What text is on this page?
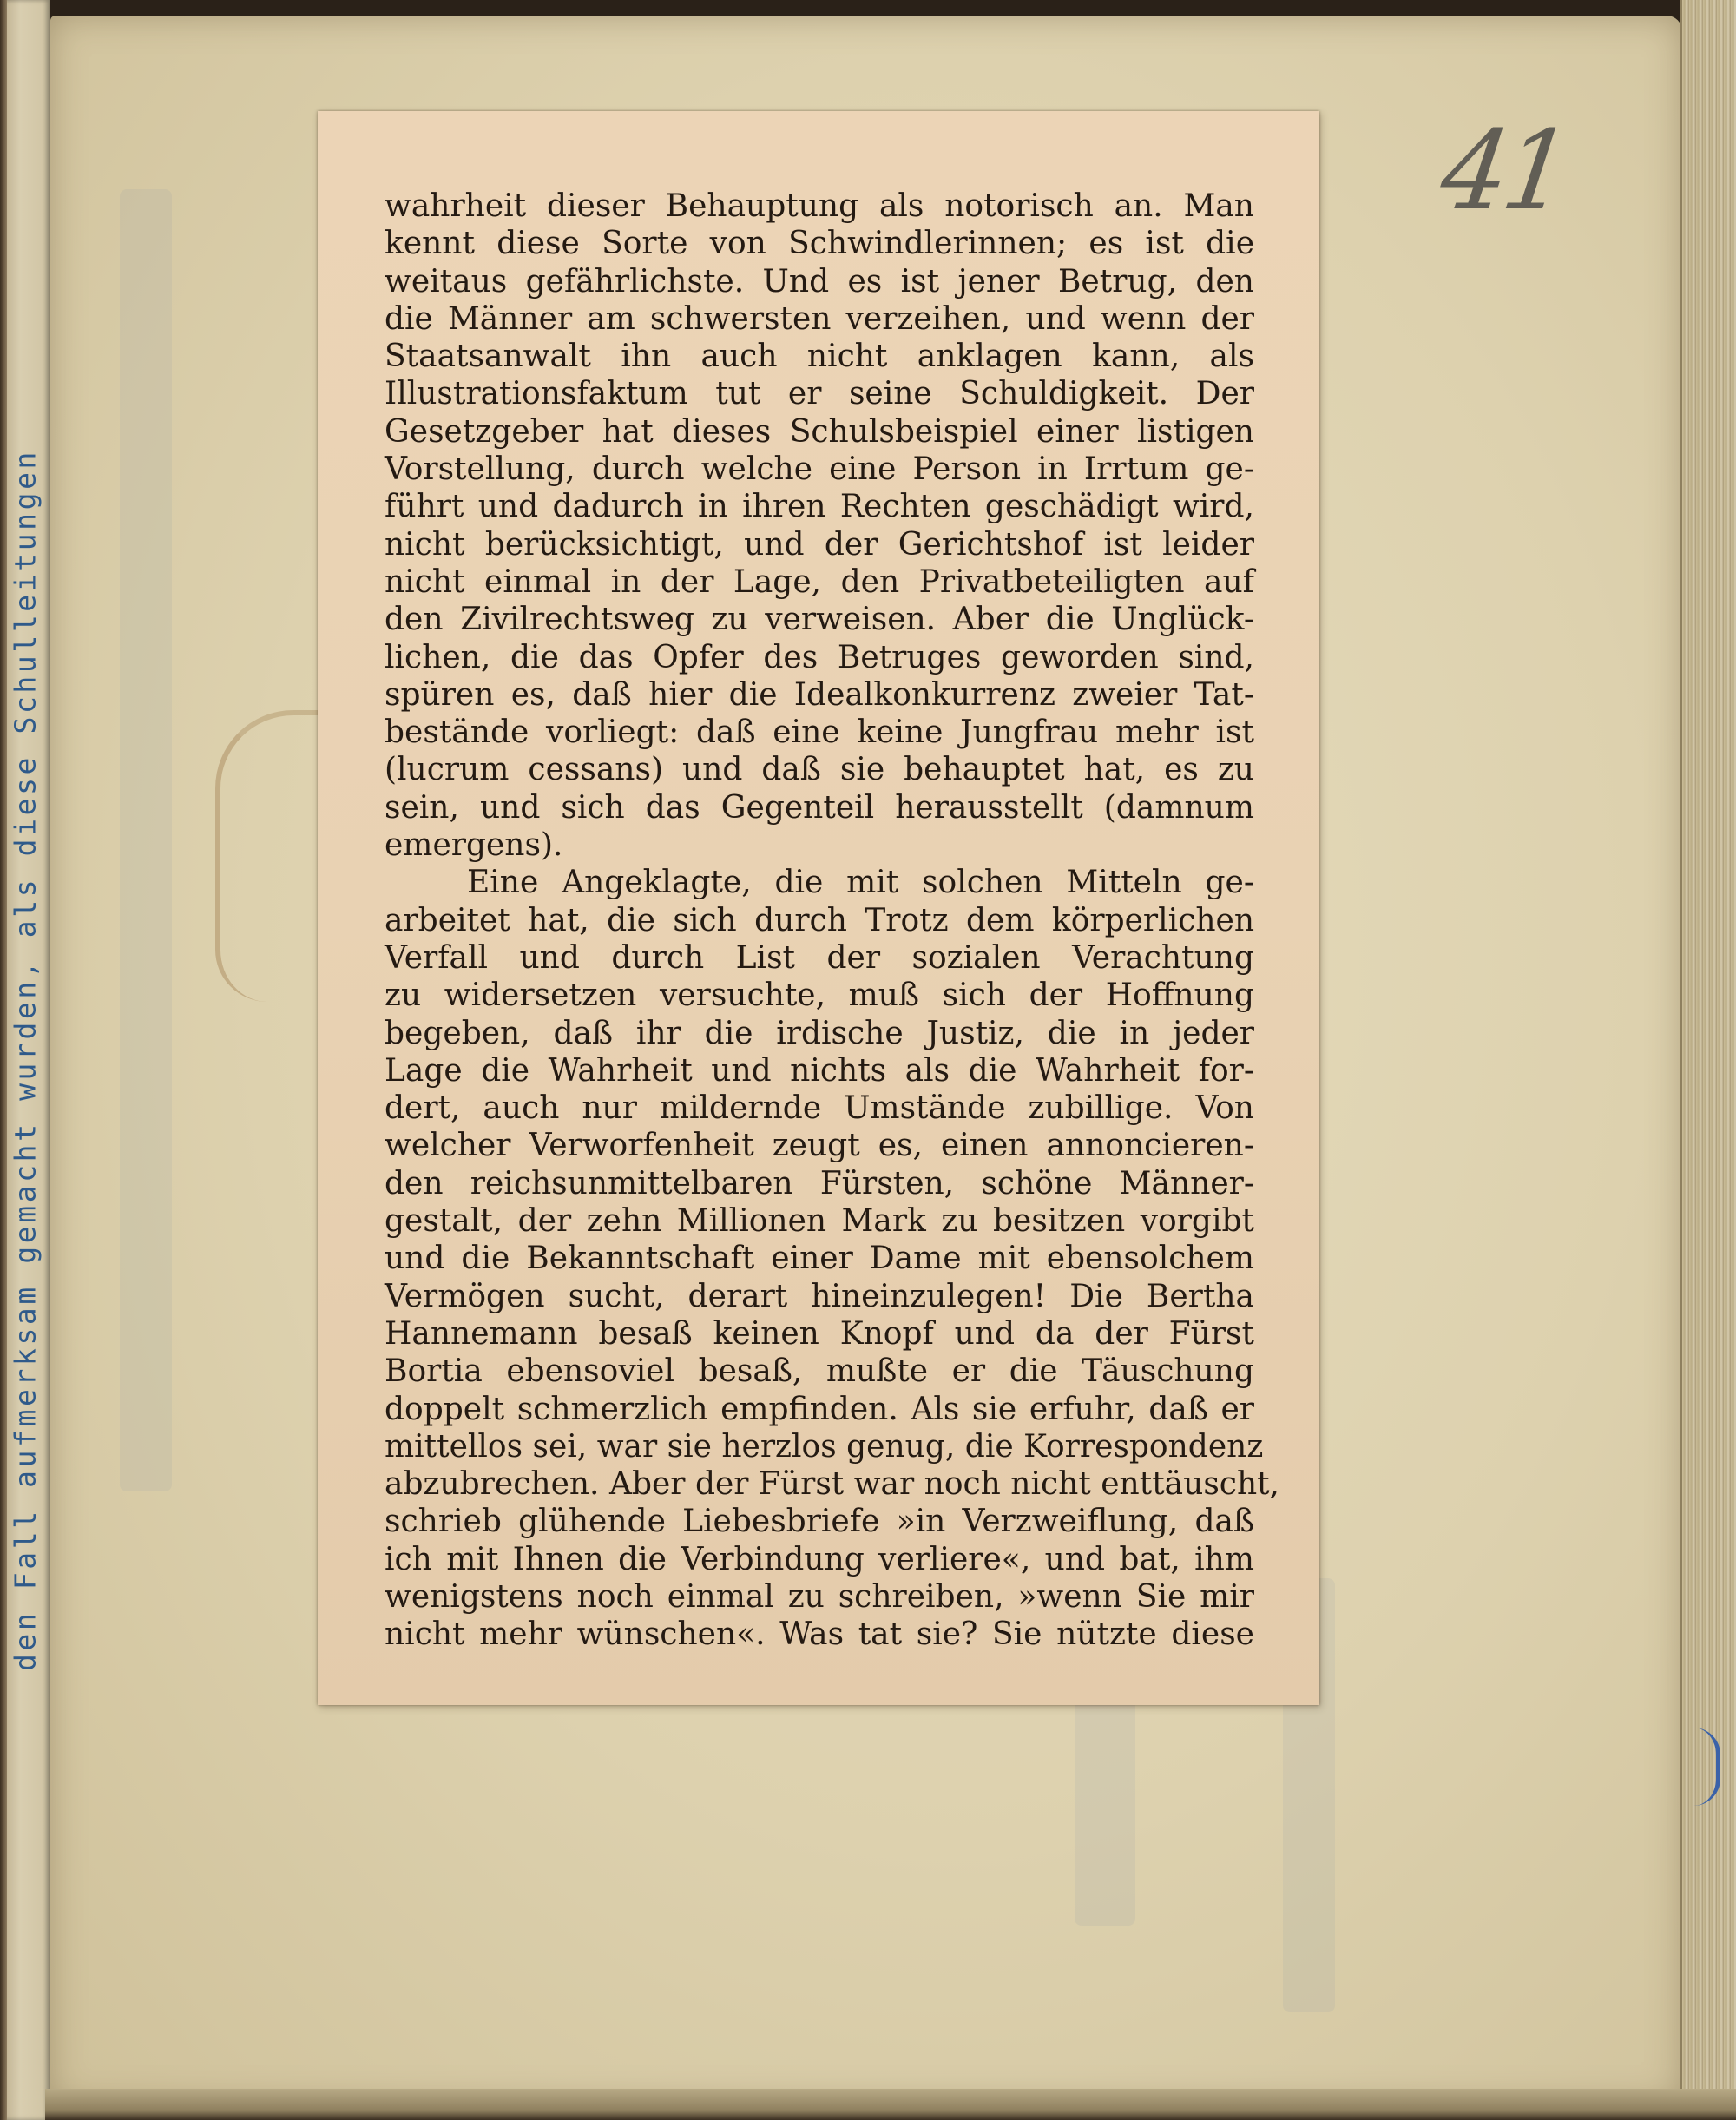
den Fall aufmerksam gemacht wurden, als diese Schulleitungen
41
wahrheit dieser Behauptung als notorisch an. Man
kennt diese Sorte von Schwindlerinnen; es ist die
weitaus gefährlichste. Und es ist jener Betrug, den
die Männer am schwersten verzeihen, und wenn der
Staatsanwalt ihn auch nicht anklagen kann, als
Illustrationsfaktum tut er seine Schuldigkeit. Der
Gesetzgeber hat dieses Schulsbeispiel einer listigen
Vorstellung, durch welche eine Person in Irrtum ge-
führt und dadurch in ihren Rechten geschädigt wird,
nicht berücksichtigt, und der Gerichtshof ist leider
nicht einmal in der Lage, den Privatbeteiligten auf
den Zivilrechtsweg zu verweisen. Aber die Unglück-
lichen, die das Opfer des Betruges geworden sind,
spüren es, daß hier die Idealkonkurrenz zweier Tat-
bestände vorliegt: daß eine keine Jungfrau mehr ist
(lucrum cessans) und daß sie behauptet hat, es zu
sein, und sich das Gegenteil herausstellt (damnum
emergens).
Eine Angeklagte, die mit solchen Mitteln ge-
arbeitet hat, die sich durch Trotz dem körperlichen
Verfall und durch List der sozialen Verachtung
zu widersetzen versuchte, muß sich der Hoffnung
begeben, daß ihr die irdische Justiz, die in jeder
Lage die Wahrheit und nichts als die Wahrheit for-
dert, auch nur mildernde Umstände zubillige. Von
welcher Verworfenheit zeugt es, einen annoncieren-
den reichsunmittelbaren Fürsten, schöne Männer-
gestalt, der zehn Millionen Mark zu besitzen vorgibt
und die Bekanntschaft einer Dame mit ebensolchem
Vermögen sucht, derart hineinzulegen! Die Bertha
Hannemann besaß keinen Knopf und da der Fürst
Bortia ebensoviel besaß, mußte er die Täuschung
doppelt schmerzlich empfinden. Als sie erfuhr, daß er
mittellos sei, war sie herzlos genug, die Korrespondenz
abzubrechen. Aber der Fürst war noch nicht enttäuscht,
schrieb glühende Liebesbriefe »in Verzweiflung, daß
ich mit Ihnen die Verbindung verliere«, und bat, ihm
wenigstens noch einmal zu schreiben, »wenn Sie mir
nicht mehr wünschen«. Was tat sie? Sie nützte diese
